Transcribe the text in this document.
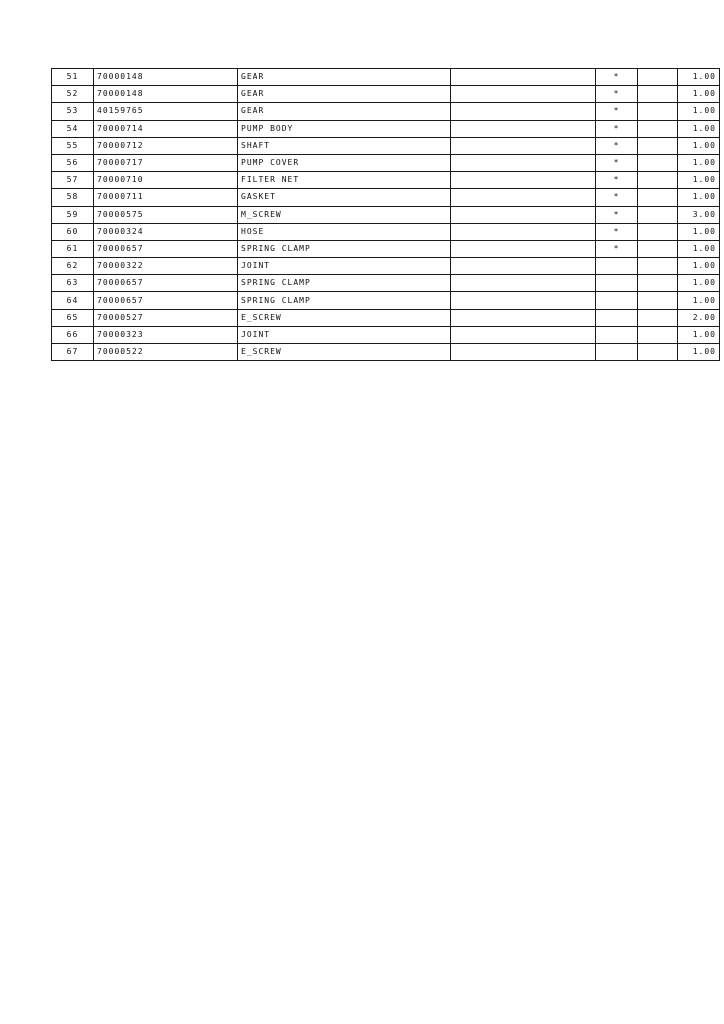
51	70000148	GEAR		*		1.00
52	70000148	GEAR		*		1.00
53	40159765	GEAR		*		1.00
54	70000714	PUMP BODY		*		1.00
55	70000712	SHAFT		*		1.00
56	70000717	PUMP COVER		*		1.00
57	70000710	FILTER NET		*		1.00
58	70000711	GASKET		*		1.00
59	70000575	M_SCREW		*		3.00
60	70000324	HOSE		*		1.00
61	70000657	SPRING CLAMP		*		1.00
62	70000322	JOINT				1.00
63	70000657	SPRING CLAMP				1.00
64	70000657	SPRING CLAMP				1.00
65	70000527	E_SCREW				2.00
66	70000323	JOINT				1.00
67	70000522	E_SCREW				1.00
